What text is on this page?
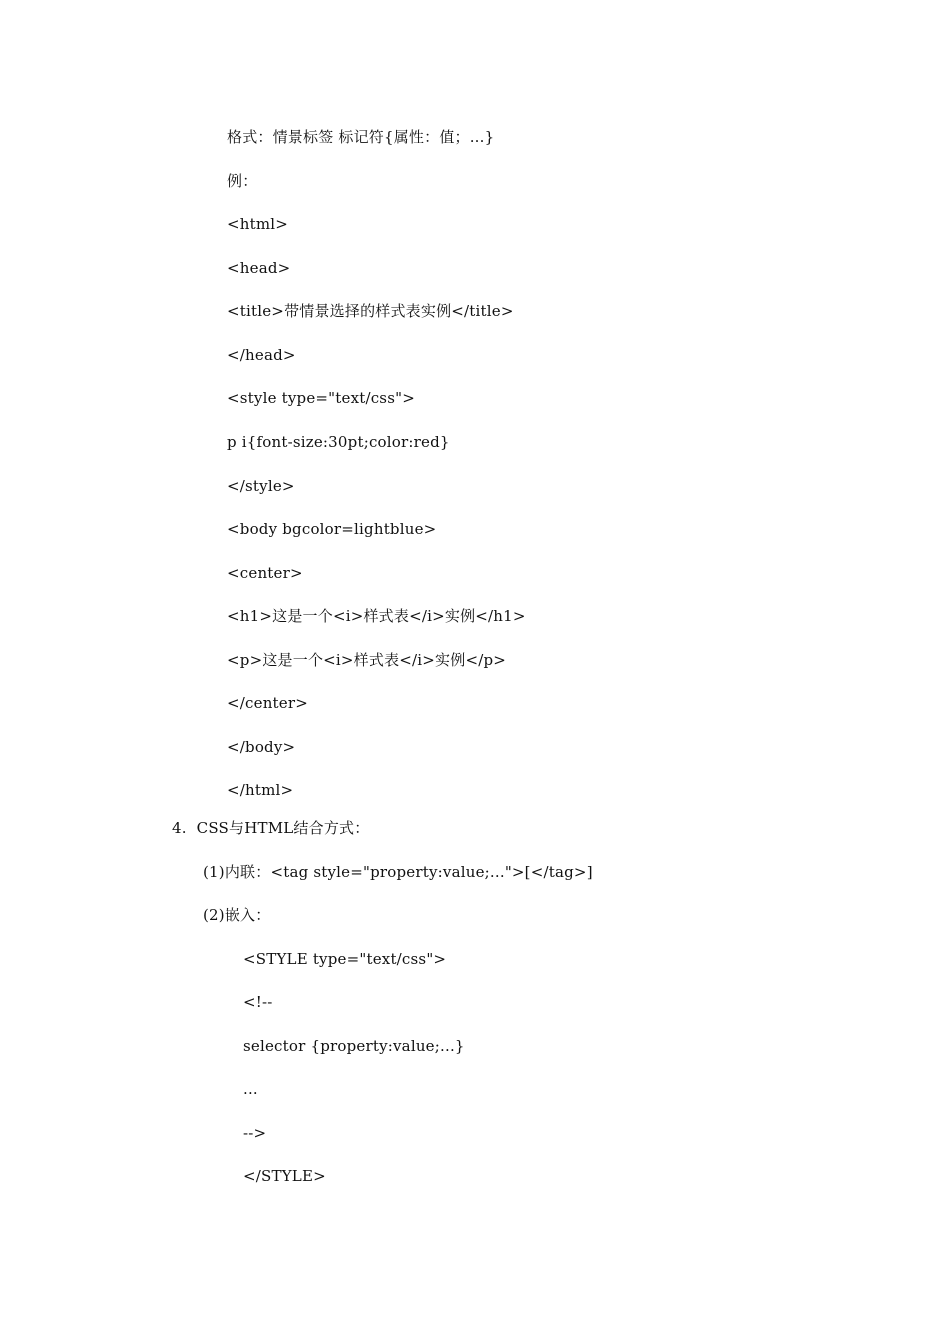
格式：情景标签 标记符{属性：值；...}
例：
<html>
<head>
<title>带情景选择的样式表实例</title>
</head>
<style type="text/css">
p i{font-size:30pt;color:red}
</style>
<body bgcolor=lightblue>
<center>
<h1>这是一个<i>样式表</i>实例</h1>
<p>这是一个<i>样式表</i>实例</p>
</center>
</body>
</html>
4.  CSS与HTML结合方式：
(1)内联：<tag style="property:value;...">[</tag>]
(2)嵌入：
<STYLE type="text/css">
<!--
selector {property:value;...}
...
-->
</STYLE>
